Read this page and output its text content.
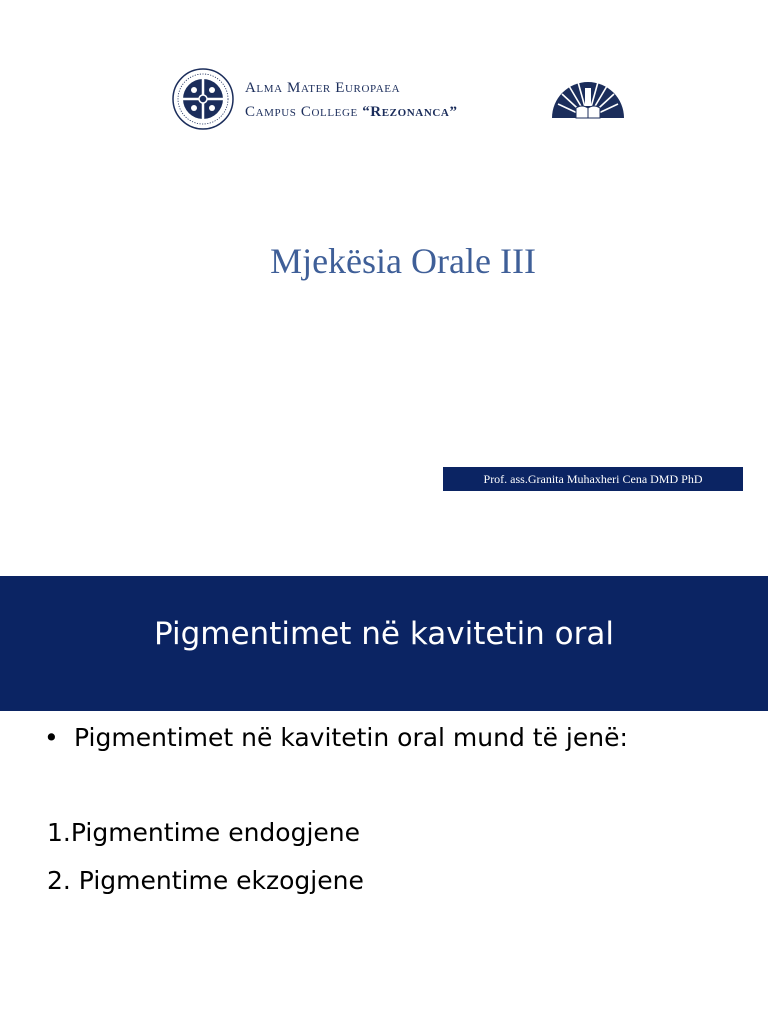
Alma Mater Europaea
Campus College “Rezonanca”
Mjekësia Orale III
Prof. ass.Granita Muhaxheri Cena DMD PhD
Pigmentimet në kavitetin oral
• Pigmentimet në kavitetin oral mund të jenë:
1.Pigmentime endogjene
2. Pigmentime ekzogjene
